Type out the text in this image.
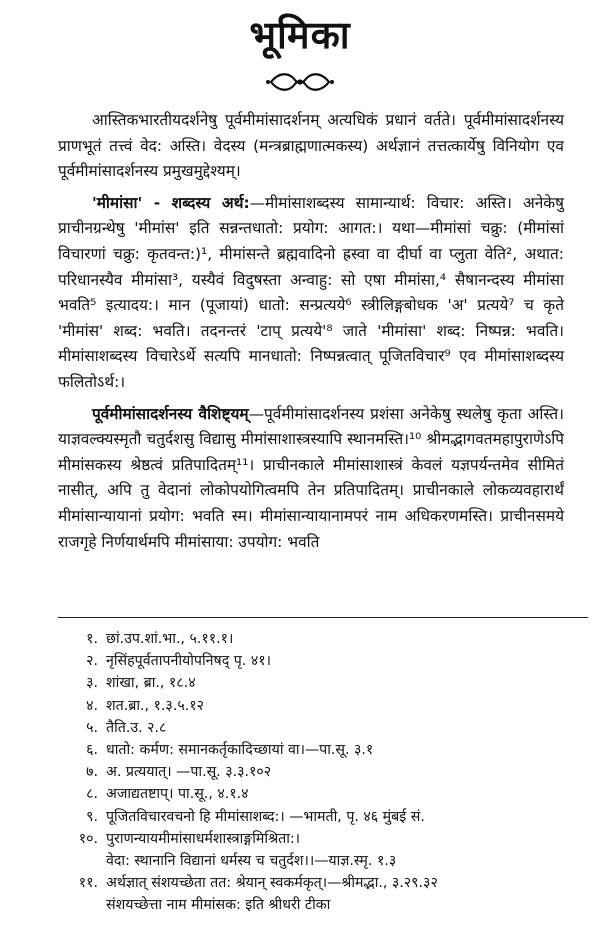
भूमिका

आस्तिकभारतीयदर्शनेषु पूर्वमीमांसादर्शनम् अत्यधिकं प्रधानं वर्तते। पूर्वमीमांसादर्शनस्य प्राणभूतं तत्त्वं वेद: अस्ति। वेदस्य (मन्त्रब्राह्मणात्मकस्य) अर्थज्ञानं तत्तत्कार्येषु विनियोग एव पूर्वमीमांसादर्शनस्य प्रमुखमुद्देश्यम्।

'मीमांसा' - शब्दस्य अर्थ:—मीमांसाशब्दस्य सामान्यार्थ: विचार: अस्ति। अनेकेषु प्राचीनग्रन्थेषु 'मीमांस' इति सन्नन्तधातो: प्रयोग: आगत:। यथा—मीमांसां चक्रु: (मीमांसां विचारणां चक्रु: कृतवन्त:)¹, मीमांसन्ते ब्रह्मवादिनो ह्रस्वा वा दीर्घा वा प्लुता वेति², अथात: परिधानस्यैव मीमांसा³, यस्यैवं विदुषस्ता अन्वाहु: सो एषा मीमांसा,⁴ सैषानन्दस्य मीमांसा भवति⁵ इत्यादय:। मान (पूजायां) धातो: सन्प्रत्यये⁶ स्त्रीलिङ्गबोधक 'अ' प्रत्यये⁷ च कृते 'मीमांस' शब्द: भवति। तदनन्तरं 'टाप् प्रत्यये'⁸ जाते 'मीमांसा' शब्द: निष्पन्न: भवति। मीमांसाशब्दस्य विचारेऽर्थे सत्यपि मानधातो: निष्पन्नत्वात् पूजितविचार⁹ एव मीमांसाशब्दस्य फलितोऽर्थ:।

पूर्वमीमांसादर्शनस्य वैशिष्ट्यम्—पूर्वमीमांसादर्शनस्य प्रशंसा अनेकेषु स्थलेषु कृता अस्ति। याज्ञवल्क्यस्मृतौ चतुर्दशसु विद्यासु मीमांसाशास्त्रस्यापि स्थानमस्ति।¹⁰ श्रीमद्भागवतमहापुराणेऽपि मीमांसकस्य श्रेष्ठत्वं प्रतिपादितम्¹¹। प्राचीनकाले मीमांसाशास्त्रं केवलं यज्ञपर्यन्तमेव सीमितं नासीत्, अपि तु वेदानां लोकोपयोगित्वमपि तेन प्रतिपादितम्। प्राचीनकाले लोकव्यवहारार्थं मीमांसान्यायानां प्रयोग: भवति स्म। मीमांसान्यायानामपरं नाम अधिकरणमस्ति। प्राचीनसमये राजगृहे निर्णयार्थमपि मीमांसाया: उपयोग: भवति

१. छां.उप.शां.भा., ५.११.१।
२. नृसिंहपूर्वतापनीयोपनिषद् पृ. ४१।
३. शांखा, ब्रा., १८.४
४. शत.ब्रा., १.३.५.१२
५. तैति.उ. २.८
६. धातो: कर्मण: समानकर्तृकादिच्छायां वा।—पा.सू. ३.१
७. अ. प्रत्ययात्। —पा.सू. ३.३.१०२
८. अजाद्यतष्टाप्। पा.सू., ४.१.४
९. पूजितविचारवचनो हि मीमांसाशब्द:। —भामती, पृ. ४६ मुंबई सं.
१०. पुराणन्यायमीमांसाधर्मशास्त्राङ्गमिश्रिता:।
वेदा: स्थानानि विद्यानां धर्मस्य च चतुर्दश।।—याज्ञ.स्मृ. १.३
११. अर्थज्ञात् संशयच्छेता तत: श्रेयान् स्वकर्मकृत्।—श्रीमद्भा., ३.२९.३२
संशयच्छेत्ता नाम मीमांसक: इति श्रीधरी टीका
